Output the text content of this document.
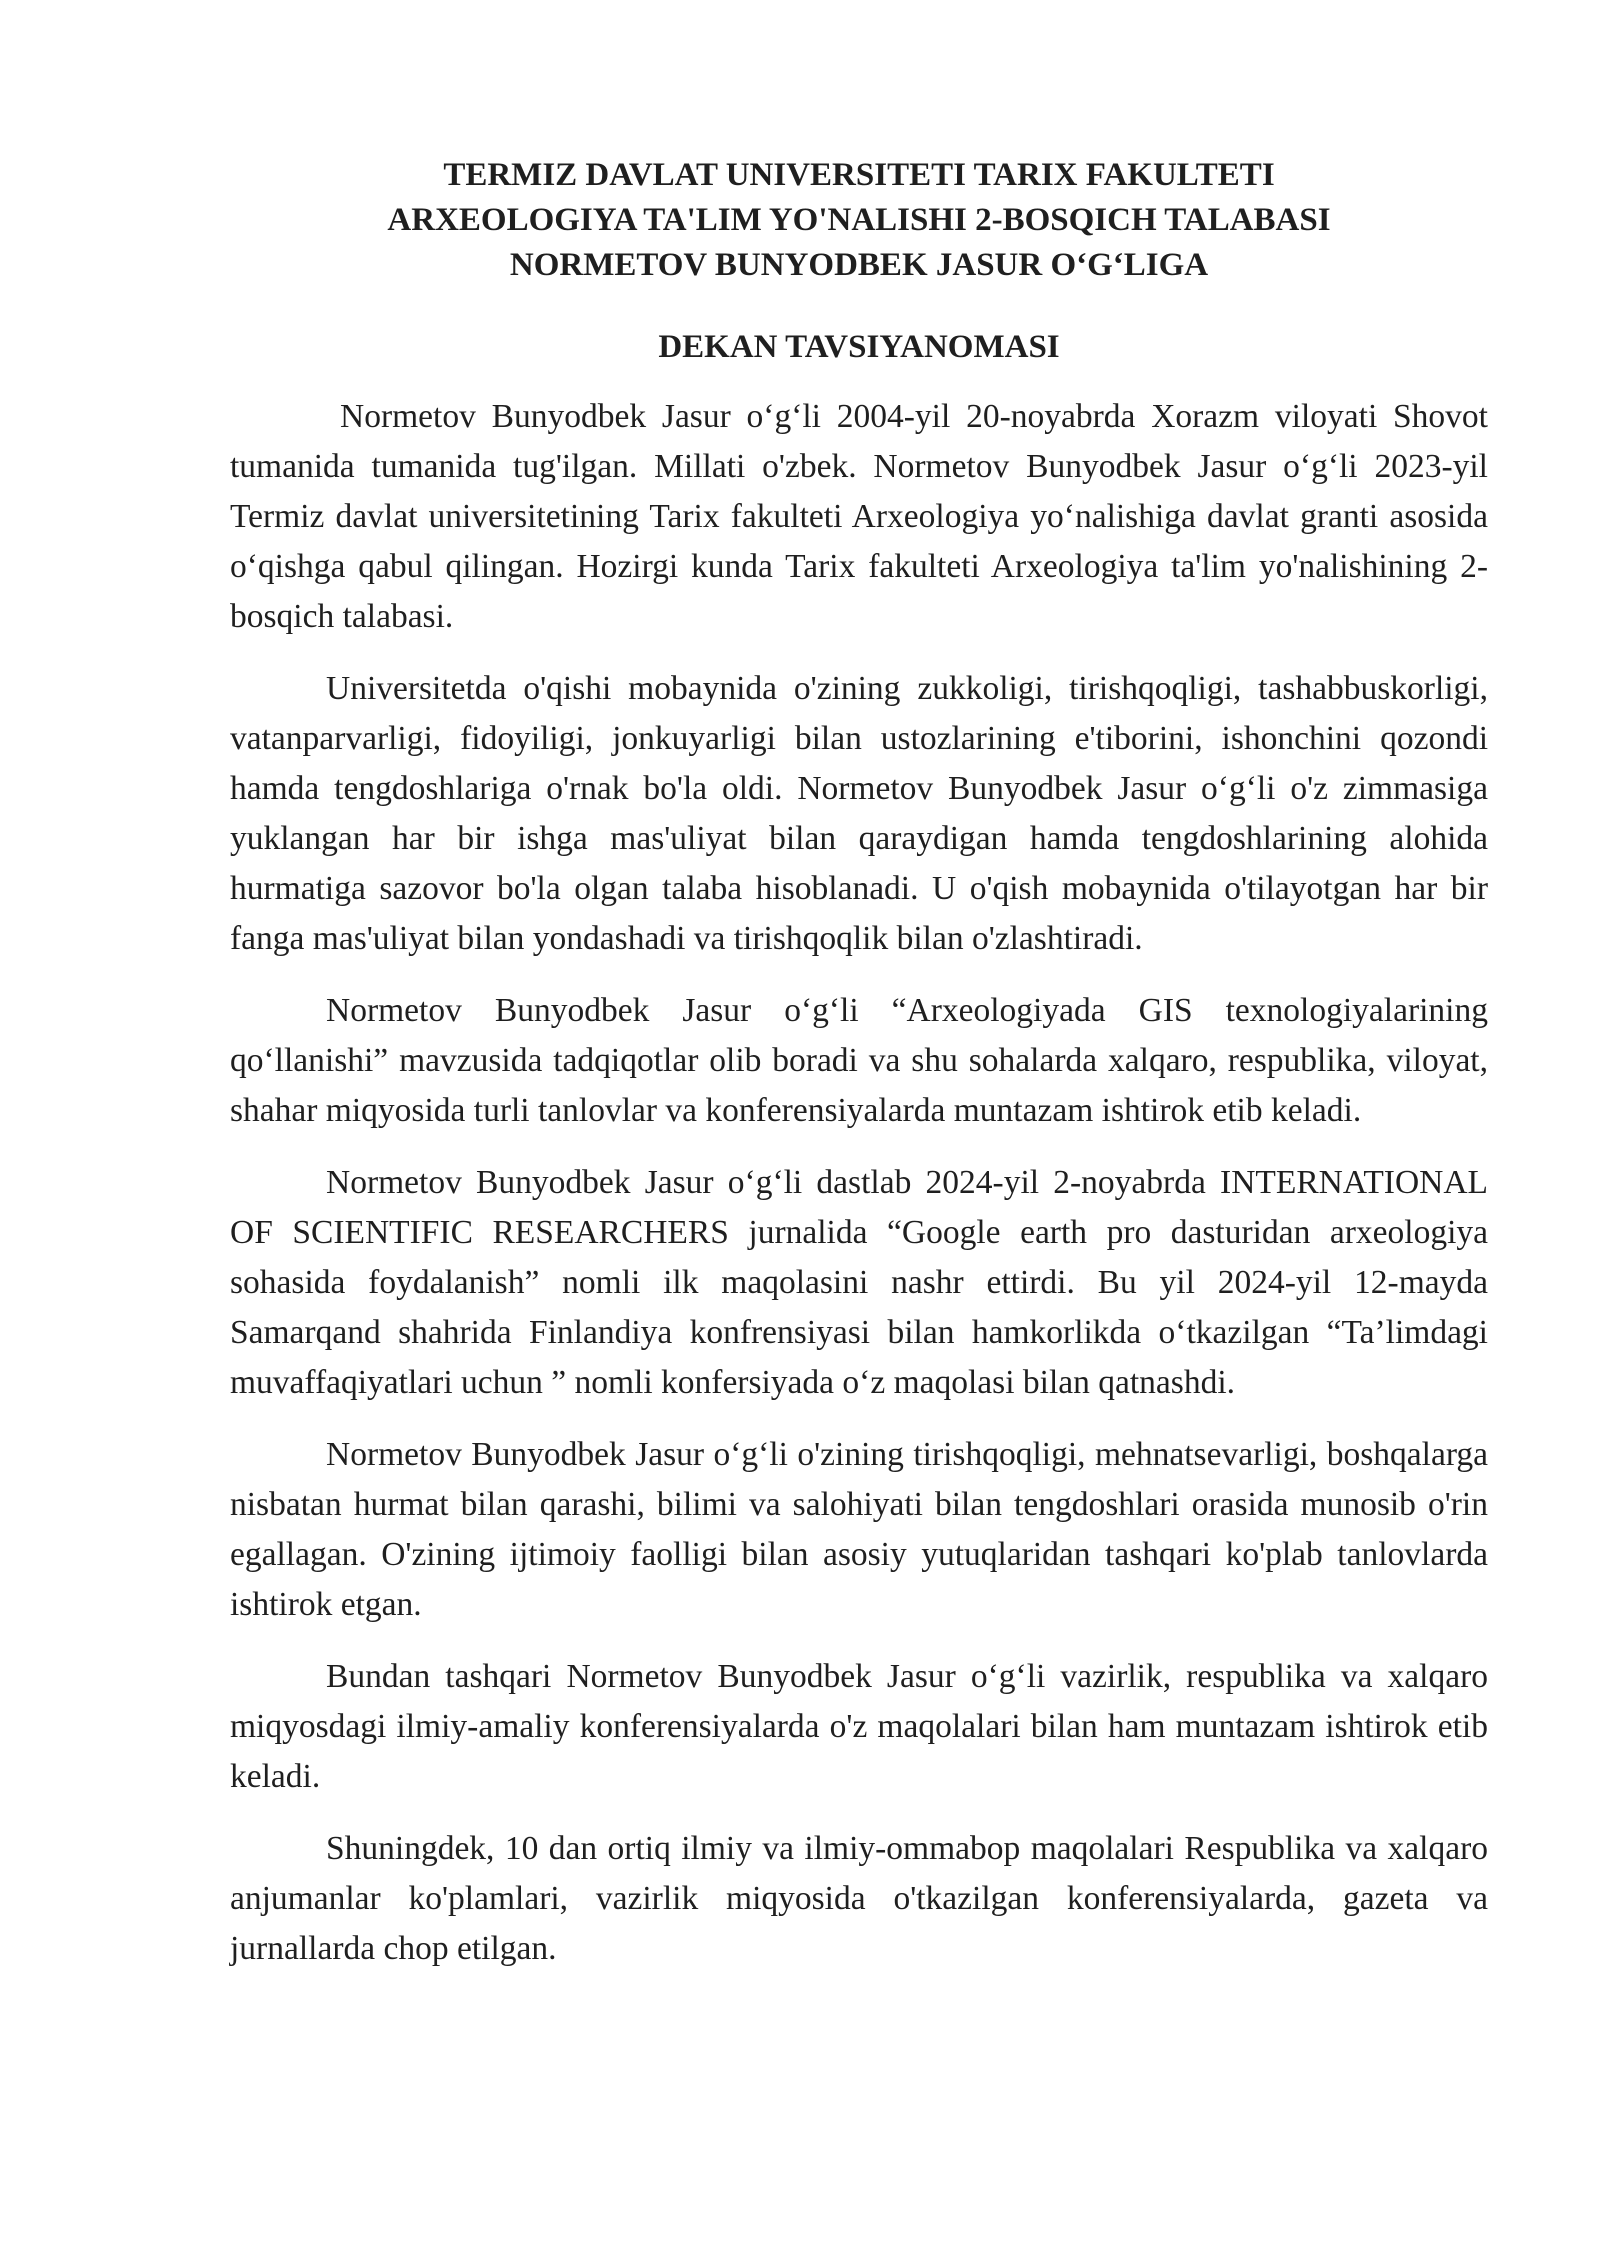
TERMIZ DAVLAT UNIVERSITETI TARIX FAKULTETI

ARXEOLOGIYA TA'LIM YO'NALISHI 2-BOSQICH TALABASI

NORMETOV BUNYODBEK JASUR O‘G‘LIGA

DEKAN TAVSIYANOMASI

Normetov Bunyodbek Jasur o‘g‘li 2004-yil 20-noyabrda Xorazm viloyati Shovot tumanida tumanida tug'ilgan. Millati o'zbek. Normetov Bunyodbek Jasur o‘g‘li 2023-yil Termiz davlat universitetining Tarix fakulteti Arxeologiya yo‘nalishiga davlat granti asosida o‘qishga qabul qilingan. Hozirgi kunda Tarix fakulteti Arxeologiya ta'lim yo'nalishining 2-bosqich talabasi.

Universitetda o'qishi mobaynida o'zining zukkoligi, tirishqoqligi, tashabbuskorligi, vatanparvarligi, fidoyiligi, jonkuyarligi bilan ustozlarining e'tiborini, ishonchini qozondi hamda tengdoshlariga o'rnak bo'la oldi. Normetov Bunyodbek Jasur o‘g‘li o'z zimmasiga yuklangan har bir ishga mas'uliyat bilan qaraydigan hamda tengdoshlarining alohida hurmatiga sazovor bo'la olgan talaba hisoblanadi. U o'qish mobaynida o'tilayotgan har bir fanga mas'uliyat bilan yondashadi va tirishqoqlik bilan o'zlashtiradi.

Normetov Bunyodbek Jasur o‘g‘li “Arxeologiyada GIS texnologiyalarining qo‘llanishi” mavzusida tadqiqotlar olib boradi va shu sohalarda xalqaro, respublika, viloyat, shahar miqyosida turli tanlovlar va konferensiyalarda muntazam ishtirok etib keladi.

Normetov Bunyodbek Jasur o‘g‘li dastlab 2024-yil 2-noyabrda INTERNATIONAL OF SCIENTIFIC RESEARCHERS jurnalida “Google earth pro dasturidan arxeologiya sohasida foydalanish” nomli ilk maqolasini nashr ettirdi. Bu yil 2024-yil 12-mayda Samarqand shahrida Finlandiya konfrensiyasi bilan hamkorlikda o‘tkazilgan “Ta’limdagi muvaffaqiyatlari uchun ” nomli konfersiyada o‘z maqolasi bilan qatnashdi.

Normetov Bunyodbek Jasur o‘g‘li o'zining tirishqoqligi, mehnatsevarligi, boshqalarga nisbatan hurmat bilan qarashi, bilimi va salohiyati bilan tengdoshlari orasida munosib o'rin egallagan. O'zining ijtimoiy faolligi bilan asosiy yutuqlaridan tashqari ko'plab tanlovlarda ishtirok etgan.

Bundan tashqari Normetov Bunyodbek Jasur o‘g‘li vazirlik, respublika va xalqaro miqyosdagi ilmiy-amaliy konferensiyalarda o'z maqolalari bilan ham muntazam ishtirok etib keladi.

Shuningdek, 10 dan ortiq ilmiy va ilmiy-ommabop maqolalari Respublika va xalqaro anjumanlar ko'plamlari, vazirlik miqyosida o'tkazilgan konferensiyalarda, gazeta va jurnallarda chop etilgan.
